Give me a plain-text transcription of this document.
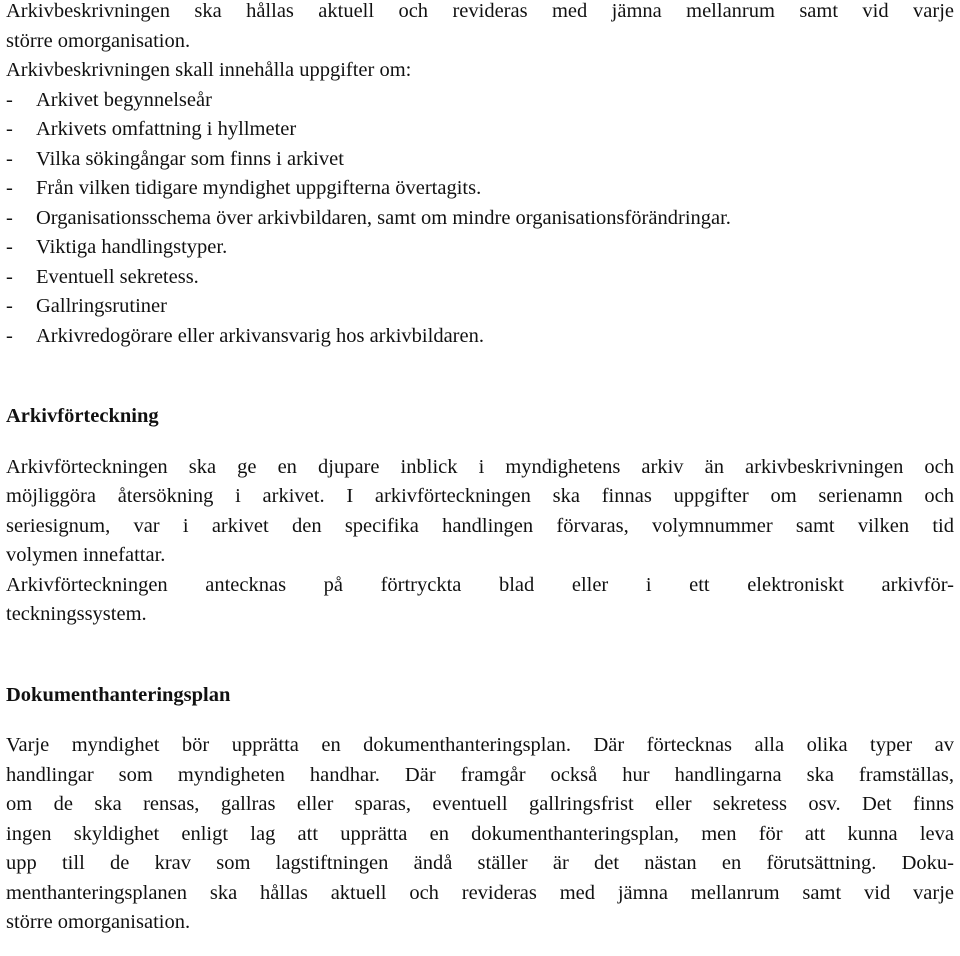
Arkivbeskrivningen ska hållas aktuell och revideras med jämna mellanrum samt vid varje
större omorganisation.

Arkivbeskrivningen skall innehålla uppgifter om:

- Arkivet begynnelseår
- Arkivets omfattning i hyllmeter
- Vilka sökingångar som finns i arkivet
- Från vilken tidigare myndighet uppgifterna övertagits.
- Organisationsschema över arkivbildaren, samt om mindre organisationsförändringar.
- Viktiga handlingstyper.
- Eventuell sekretess.
- Gallringsrutiner
- Arkivredogörare eller arkivansvarig hos arkivbildaren.
Arkivförteckning

Arkivförteckningen ska ge en djupare inblick i myndighetens arkiv än arkivbeskrivningen och
möjliggöra återsökning i arkivet. I arkivförteckningen ska finnas uppgifter om serienamn och
seriesignum, var i arkivet den specifika handlingen förvaras, volymnummer samt vilken tid
volymen innefattar.
Arkivförteckningen antecknas på förtryckta blad eller i ett elektroniskt arkivför-
teckningssystem.

Dokumenthanteringsplan

Varje myndighet bör upprätta en dokumenthanteringsplan. Där förtecknas alla olika typer av
handlingar som myndigheten handhar. Där framgår också hur handlingarna ska framställas,
om de ska rensas, gallras eller sparas, eventuell gallringsfrist eller sekretess osv. Det finns
ingen skyldighet enligt lag att upprätta en dokumenthanteringsplan, men för att kunna leva
upp till de krav som lagstiftningen ändå ställer är det nästan en förutsättning. Doku-
menthanteringsplanen ska hållas aktuell och revideras med jämna mellanrum samt vid varje
större omorganisation.
